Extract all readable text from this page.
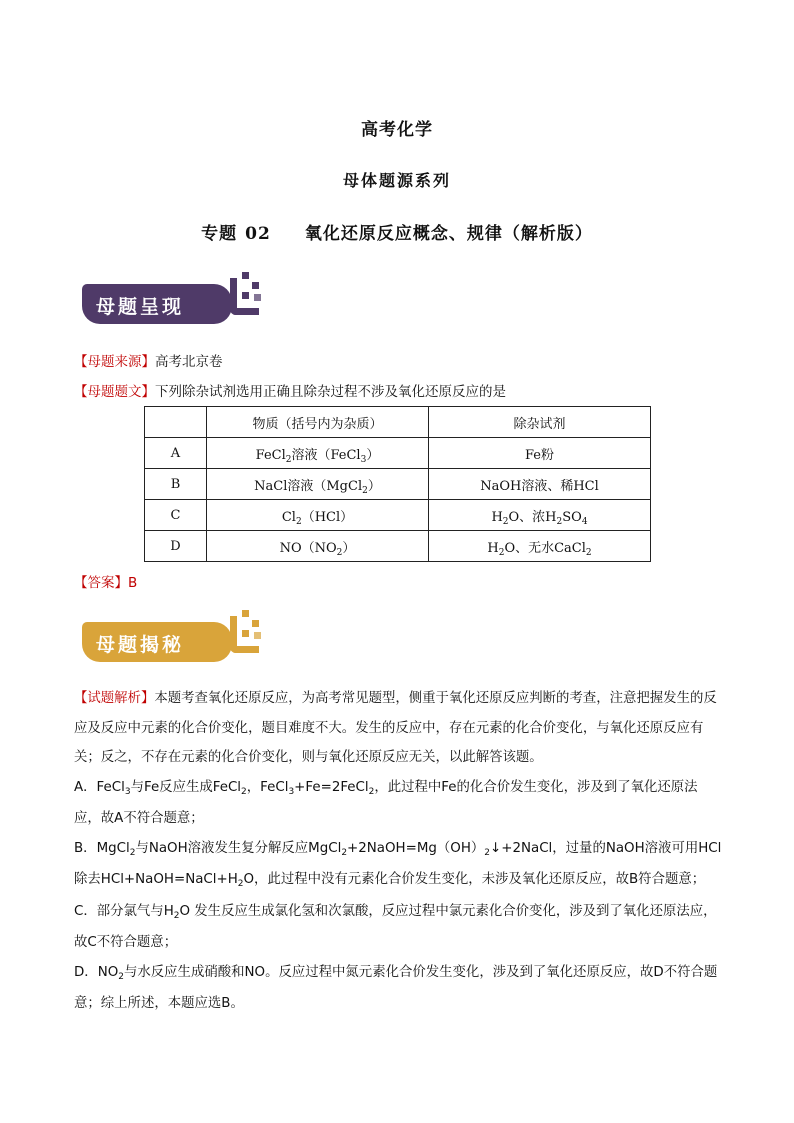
高考化学
母体题源系列
专题 02 氧化还原反应概念、规律（解析版）
母题呈现
【母题来源】高考北京卷
【母题题文】下列除杂试剂选用正确且除杂过程不涉及氧化还原反应的是
	物质（括号内为杂质）	除杂试剂
A	FeCl$_2$溶液（FeCl$_3$）	Fe粉
B	NaCl溶液（MgCl$_2$）	NaOH溶液、稀HCl
C	$Cl_2(HCl)$	$H_2O$、浓$H_2SO_4$
D	$NO(NO_2)$	$H_2O$、无水CaCl$_2$
【答案】B
母题揭秘

【试题解析】本题考查氧化还原反应，为高考常见题型，侧重于氧化还原反应判断的考查，注意把握发生的反应及反应中元素的化合价变化，题目难度不大。发生的反应中，存在元素的化合价变化，与氧化还原反应有关；反之，不存在元素的化合价变化，则与氧化还原反应无关，以此解答该题。

A．FeCl$_3$与Fe反应生成FeCl$_2$，FeCl$_3$+Fe=2FeCl$_2$，此过程中Fe的化合价发生变化，涉及到了氧化还原法应，故A不符合题意；

B．MgCl$_2$与NaOH溶液发生复分解反应$MgCl_2+2NaOH=Mg(OH)_2↓+2NaCl$，过量的NaOH溶液可用HCl除去$HCl+NaOH=NaCl+H_2O$，此过程中没有元素化合价发生变化，未涉及氧化还原反应，故B符合题意；

C．部分氯气与$H_2O$ 发生反应生成氯化氢和次氯酸，反应过程中氯元素化合价变化，涉及到了氧化还原法应，故C不符合题意；

D．$NO_2$与水反应生成硝酸和NO。反应过程中氮元素化合价发生变化，涉及到了氧化还原反应，故D不符合题意；综上所述，本题应选B。
